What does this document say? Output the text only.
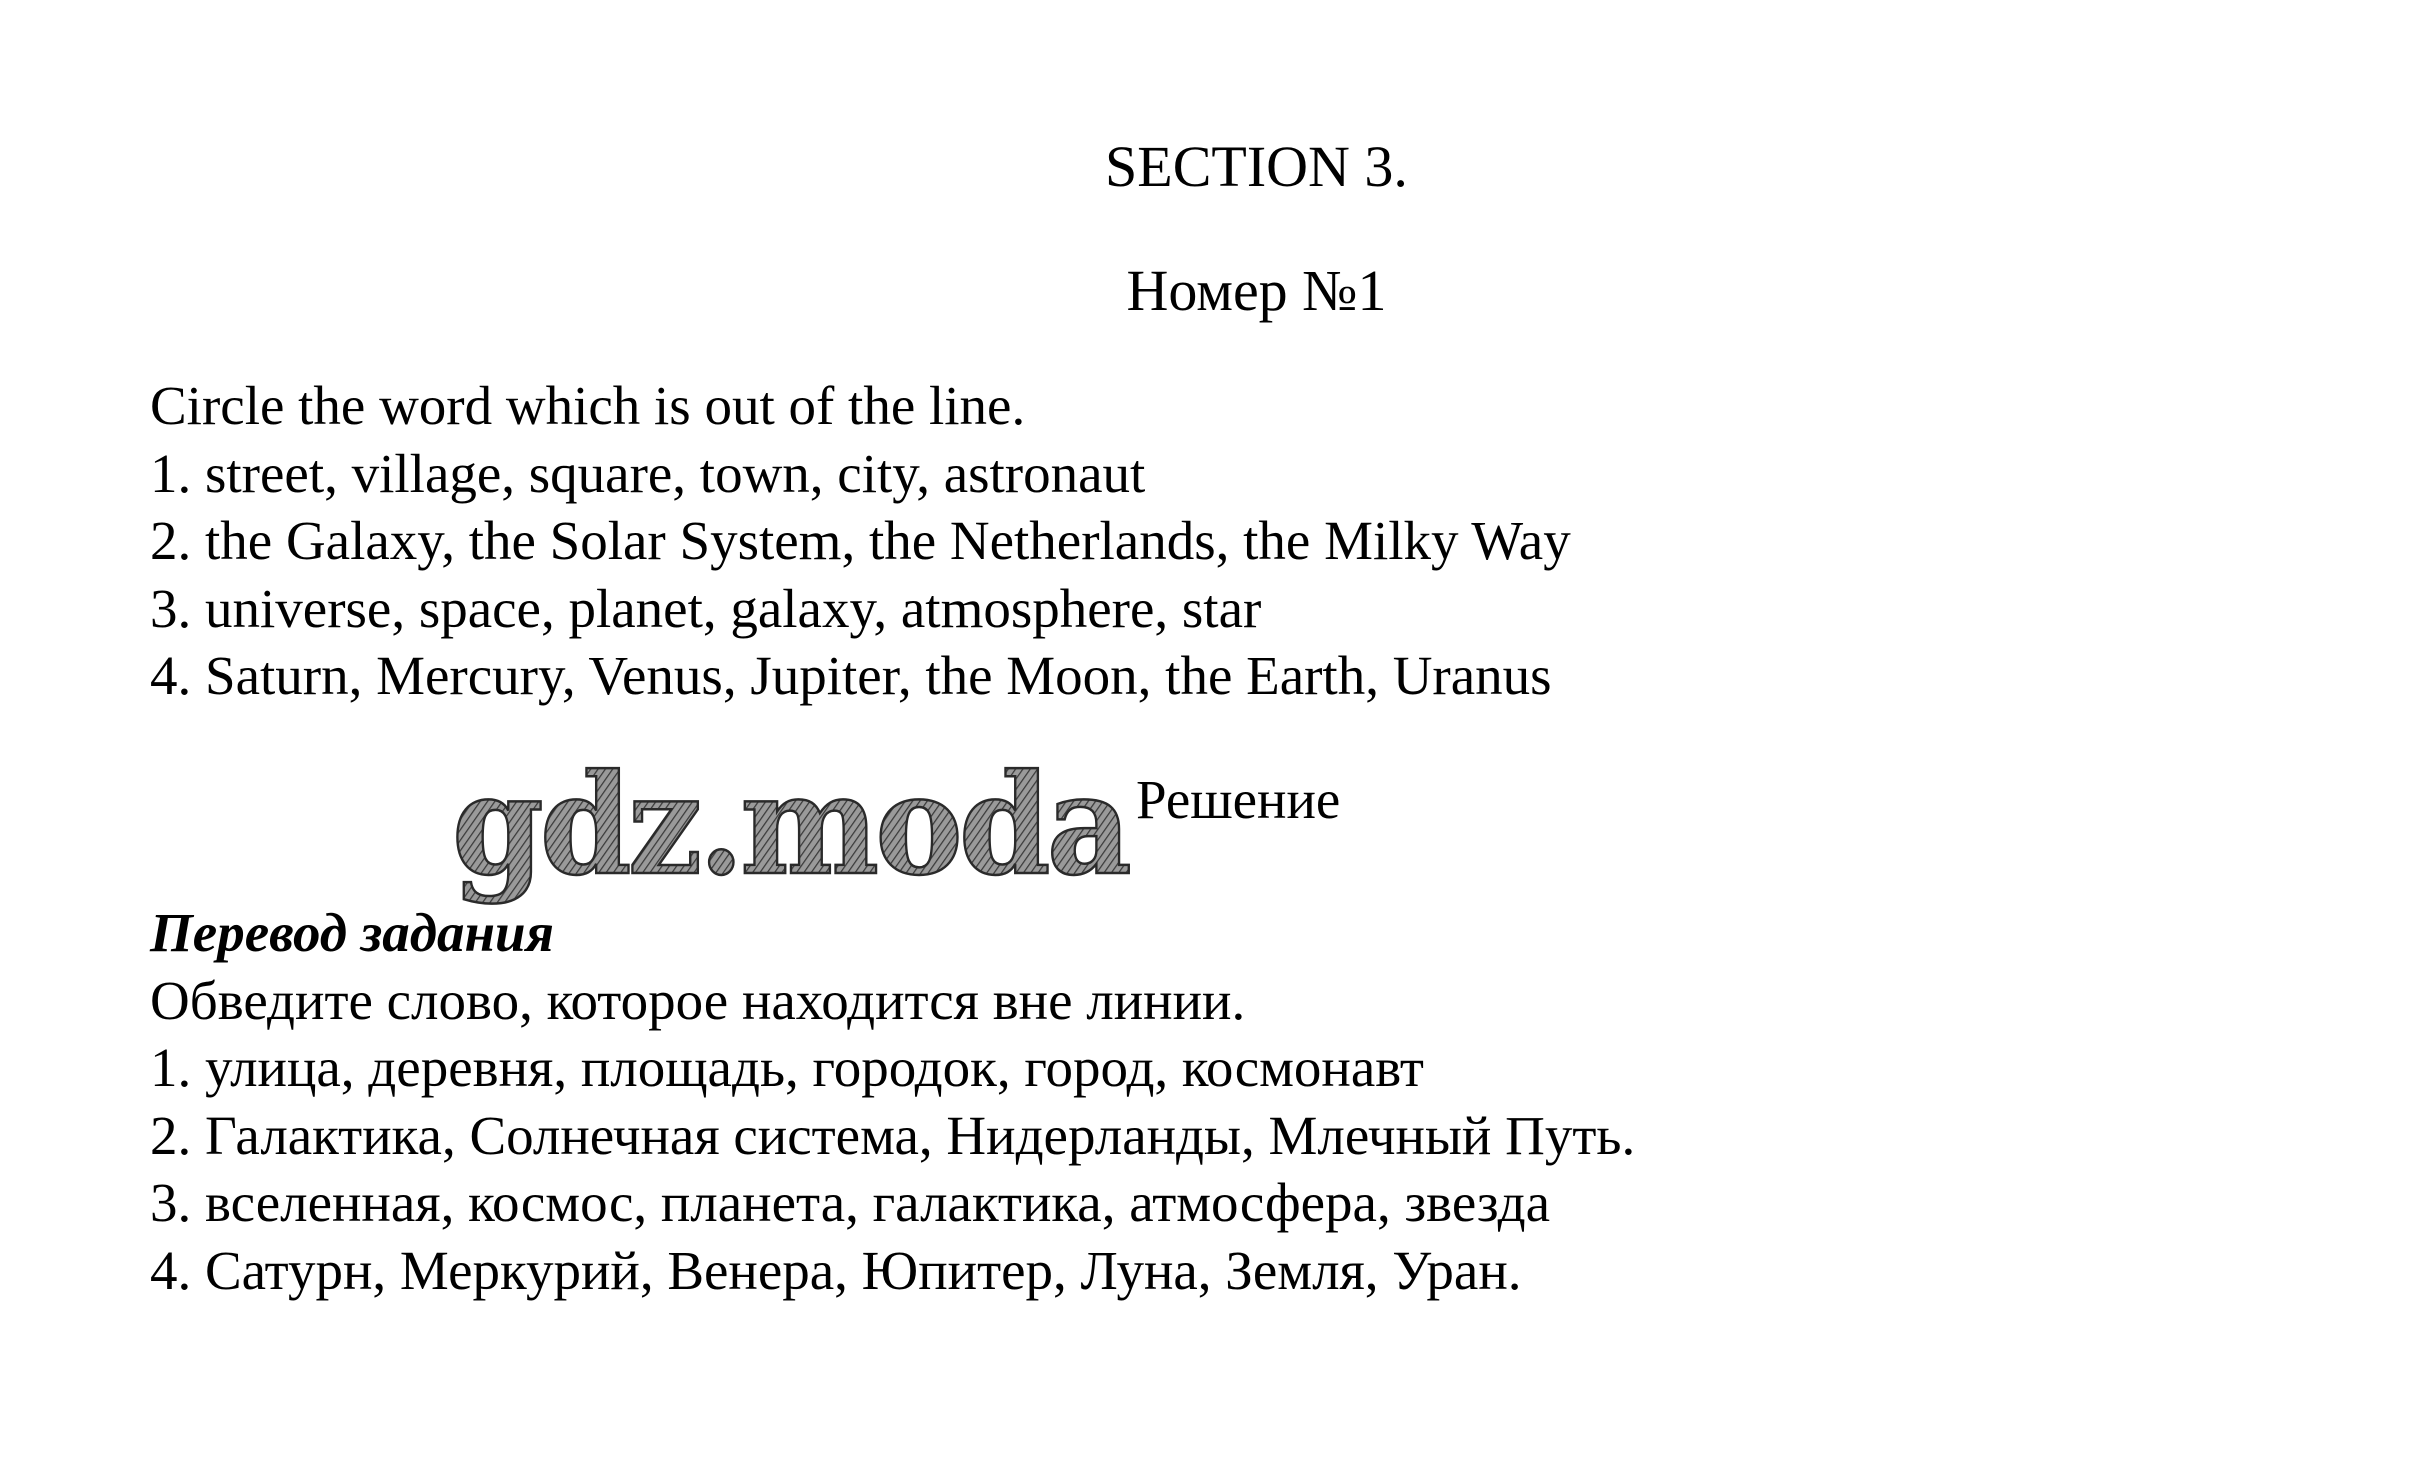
SECTION 3.
Номер №1
Circle the word which is out of the line.
1. street, village, square, town, city, astronaut
2. the Galaxy, the Solar System, the Netherlands, the Milky Way
3. universe, space, planet, galaxy, atmosphere, star
4. Saturn, Mercury, Venus, Jupiter, the Moon, the Earth, Uranus
gdz.moda Решение
Перевод задания
Обведите слово, которое находится вне линии.
1. улица, деревня, площадь, городок, город, космонавт
2. Галактика, Солнечная система, Нидерланды, Млечный Путь.
3. вселенная, космос, планета, галактика, атмосфера, звезда
4. Сатурн, Меркурий, Венера, Юпитер, Луна, Земля, Уран.
